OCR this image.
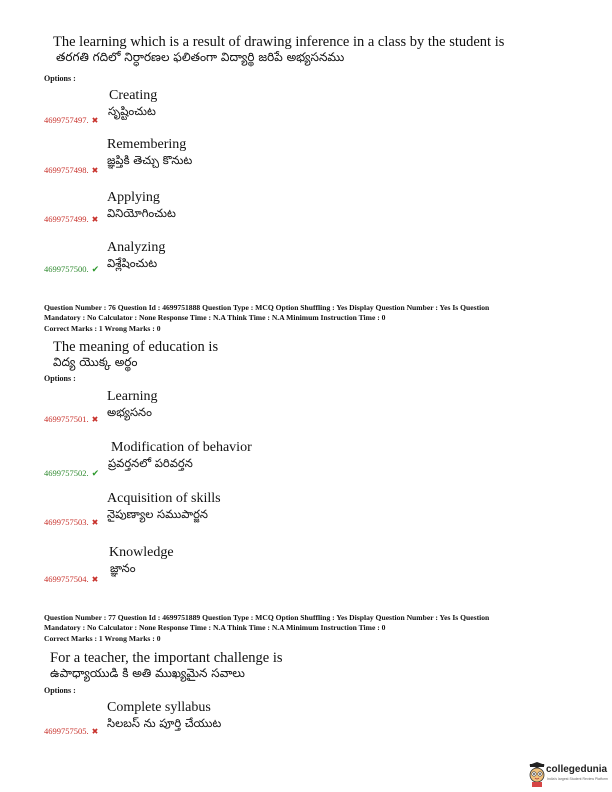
The learning which is a result of drawing inference in a class by the student is
తరగతి గదిలో నిర్ధారణల ఫలితంగా విద్యార్థి జరిపే అభ్యసనము
Options :
Creating
సృష్టించుట
4699757497. ✖
Remembering
జ్ఞప్తికి తెచ్చు కొనుట
4699757498. ✖
Applying
వినియోగించుట
4699757499. ✖
Analyzing
విశ్లేషించుట
4699757500. ✔
Question Number : 76 Question Id : 4699751888 Question Type : MCQ Option Shuffling : Yes Display Question Number : Yes Is Question
Mandatory : No Calculator : None Response Time : N.A Think Time : N.A Minimum Instruction Time : 0
Correct Marks : 1 Wrong Marks : 0
The meaning of education is
విద్య యొక్క అర్థం
Options :
Learning
అభ్యసనం
4699757501. ✖
Modification of behavior
ప్రవర్తనలో పరివర్తన
4699757502. ✔
Acquisition of skills
నైపుణ్యాల సముపార్జన
4699757503. ✖
Knowledge
జ్ఞానం
4699757504. ✖
Question Number : 77 Question Id : 4699751889 Question Type : MCQ Option Shuffling : Yes Display Question Number : Yes Is Question
Mandatory : No Calculator : None Response Time : N.A Think Time : N.A Minimum Instruction Time : 0
Correct Marks : 1 Wrong Marks : 0
For a teacher, the important challenge is
ఉపాధ్యాయుడి కి అతి ముఖ్యమైన సవాలు
Options :
Complete syllabus
సిలబస్ ను పూర్తి చేయుట
4699757505. ✖
collegedunia
India's largest Student Review Platform
